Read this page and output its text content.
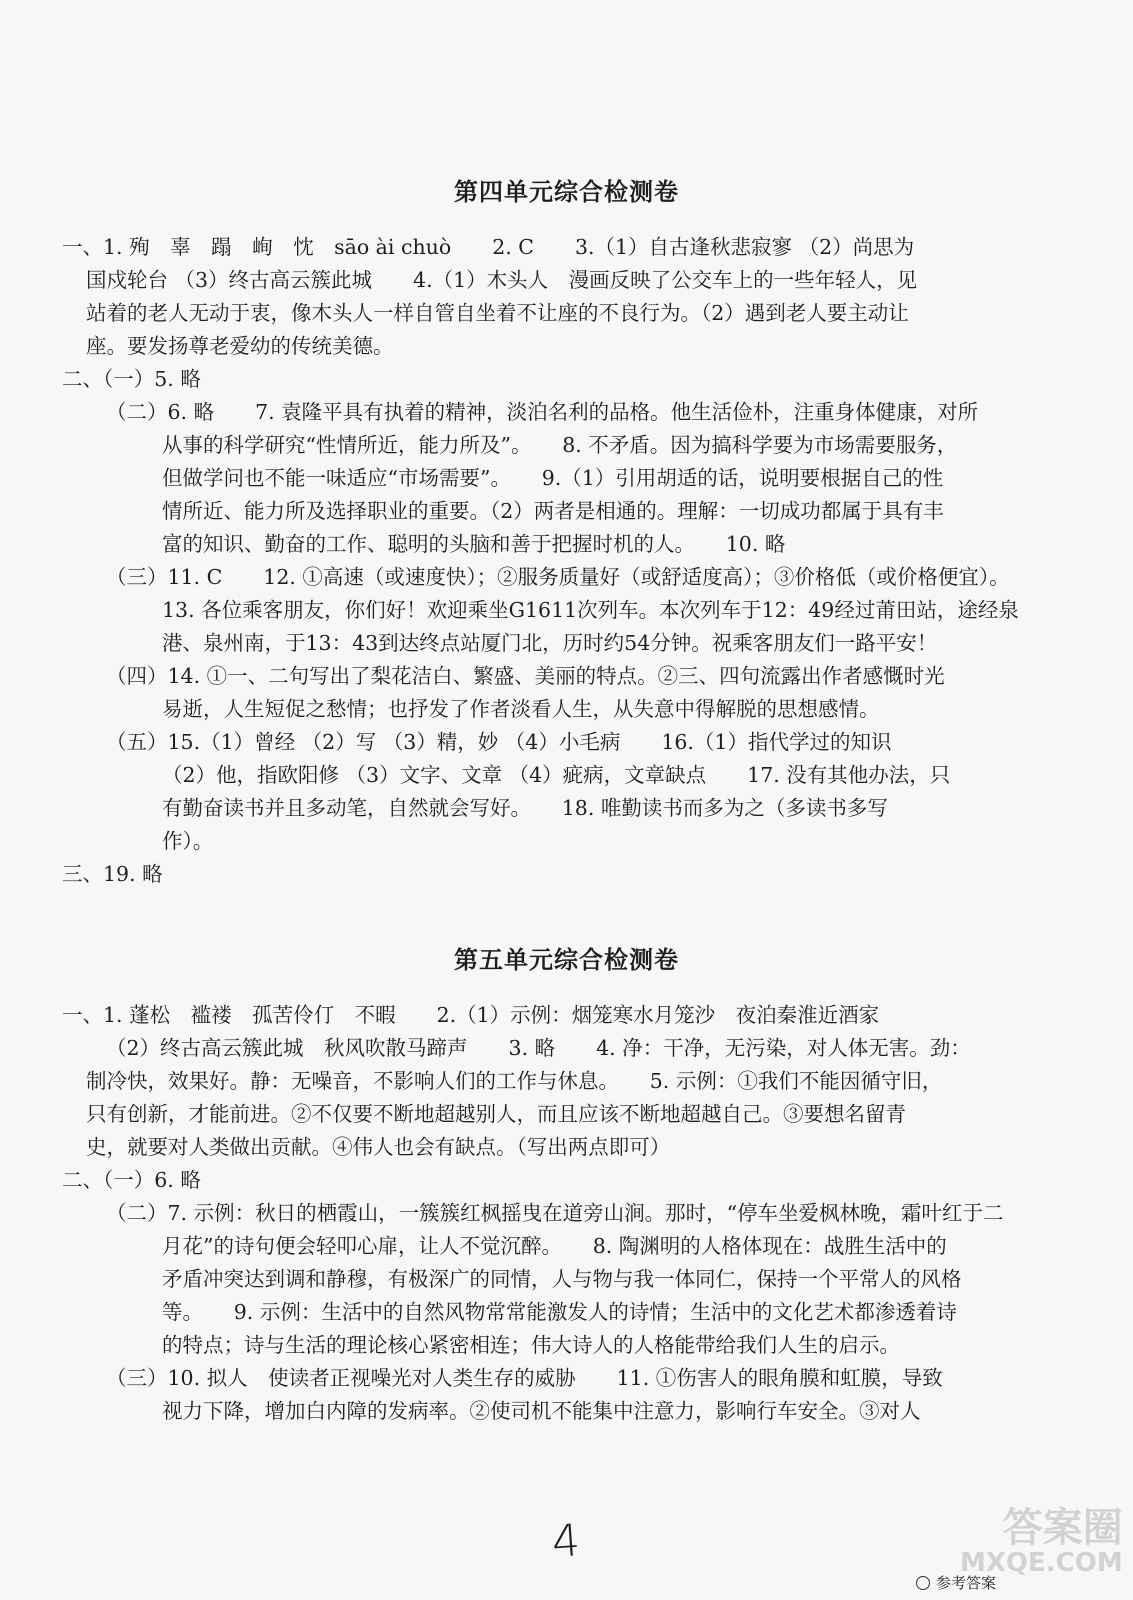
第四单元综合检测卷

一、1. 殉　辜　蹋　峋　忱　sāo ài chuò　　2. C　　3.（1）自古逢秋悲寂寥 （2）尚思为

国戍轮台 （3）终古高云簇此城　　4.（1）木头人　漫画反映了公交车上的一些年轻人，见

站着的老人无动于衷，像木头人一样自管自坐着不让座的不良行为。（2）遇到老人要主动让

座。要发扬尊老爱幼的传统美德。

二、（一）5. 略

（二）6. 略　　7. 袁隆平具有执着的精神，淡泊名利的品格。他生活俭朴，注重身体健康，对所

从事的科学研究“性情所近，能力所及”。　　8. 不矛盾。因为搞科学要为市场需要服务，

但做学问也不能一味适应“市场需要”。　　9.（1）引用胡适的话，说明要根据自己的性

情所近、能力所及选择职业的重要。（2）两者是相通的。理解：一切成功都属于具有丰

富的知识、勤奋的工作、聪明的头脑和善于把握时机的人。　　10. 略

（三）11. C　　12. ①高速（或速度快）；②服务质量好（或舒适度高）；③价格低（或价格便宜）。

13. 各位乘客朋友，你们好！欢迎乘坐G1611次列车。本次列车于12：49经过莆田站，途经泉

港、泉州南，于13：43到达终点站厦门北，历时约54分钟。祝乘客朋友们一路平安！

（四）14. ①一、二句写出了梨花洁白、繁盛、美丽的特点。②三、四句流露出作者感慨时光

易逝，人生短促之愁情；也抒发了作者淡看人生，从失意中得解脱的思想感情。

（五）15.（1）曾经 （2）写 （3）精，妙 （4）小毛病　　16.（1）指代学过的知识

（2）他，指欧阳修 （3）文字、文章 （4）疵病，文章缺点　　17. 没有其他办法，只

有勤奋读书并且多动笔，自然就会写好。　　18. 唯勤读书而多为之（多读书多写

作）。

三、19. 略

第五单元综合检测卷

一、1. 蓬松　褴褛　孤苦伶仃　不暇　　2.（1）示例：烟笼寒水月笼沙　夜泊秦淮近酒家

（2）终古高云簇此城　秋风吹散马蹄声　　3. 略　　4. 净：干净，无污染，对人体无害。劲：

制冷快，效果好。静：无噪音，不影响人们的工作与休息。　　5. 示例：①我们不能因循守旧，

只有创新，才能前进。②不仅要不断地超越别人，而且应该不断地超越自己。③要想名留青

史，就要对人类做出贡献。④伟人也会有缺点。（写出两点即可）

二、（一）6. 略

（二）7. 示例：秋日的栖霞山，一簇簇红枫摇曳在道旁山涧。那时，“停车坐爱枫林晚，霜叶红于二

月花”的诗句便会轻叩心扉，让人不觉沉醉。　　8. 陶渊明的人格体现在：战胜生活中的

矛盾冲突达到调和静穆，有极深广的同情，人与物与我一体同仁，保持一个平常人的风格

等。　　9. 示例：生活中的自然风物常常能激发人的诗情；生活中的文化艺术都渗透着诗

的特点；诗与生活的理论核心紧密相连；伟大诗人的人格能带给我们人生的启示。

（三）10. 拟人　使读者正视噪光对人类生存的威胁　　11. ①伤害人的眼角膜和虹膜，导致

视力下降，增加白内障的发病率。②使司机不能集中注意力，影响行车安全。③对人

4	答案圈
MXQE.COM
参考答案
